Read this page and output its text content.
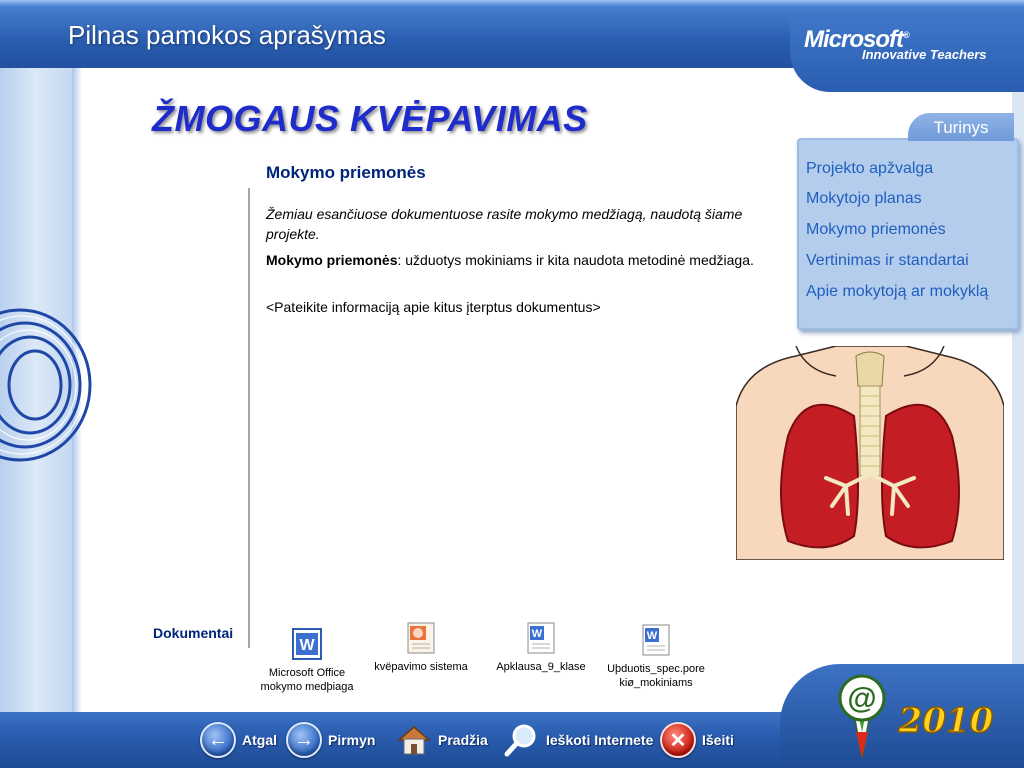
Pilnas pamokos aprašymas	Microsoft®
Innovative Teachers
ŽMOGAUS KVĖPAVIMAS
Mokymo priemonės
Žemiau esančiuose dokumentuose rasite mokymo medžiagą, naudotą šiame projekte.
Mokymo priemonės: užduotys mokiniams ir kita naudota metodinė medžiaga.
<Pateikite informaciją apie kitus įterptus dokumentus>
Turinys
Projekto apžvalga
Mokytojo planas
Mokymo priemonės
Vertinimas ir standartai
Apie mokytoją ar mokyklą
Dokumentai
W
Microsoft Office
mokymo medþiaga
kvëpavimo sistema
W
Apklausa_9_klase
W
Uþduotis_spec.pore
kiø_mokiniams
←	Atgal →	Pirmyn	Pradžia	Ieškoti Internete ✕	Išeiti
@
2010
